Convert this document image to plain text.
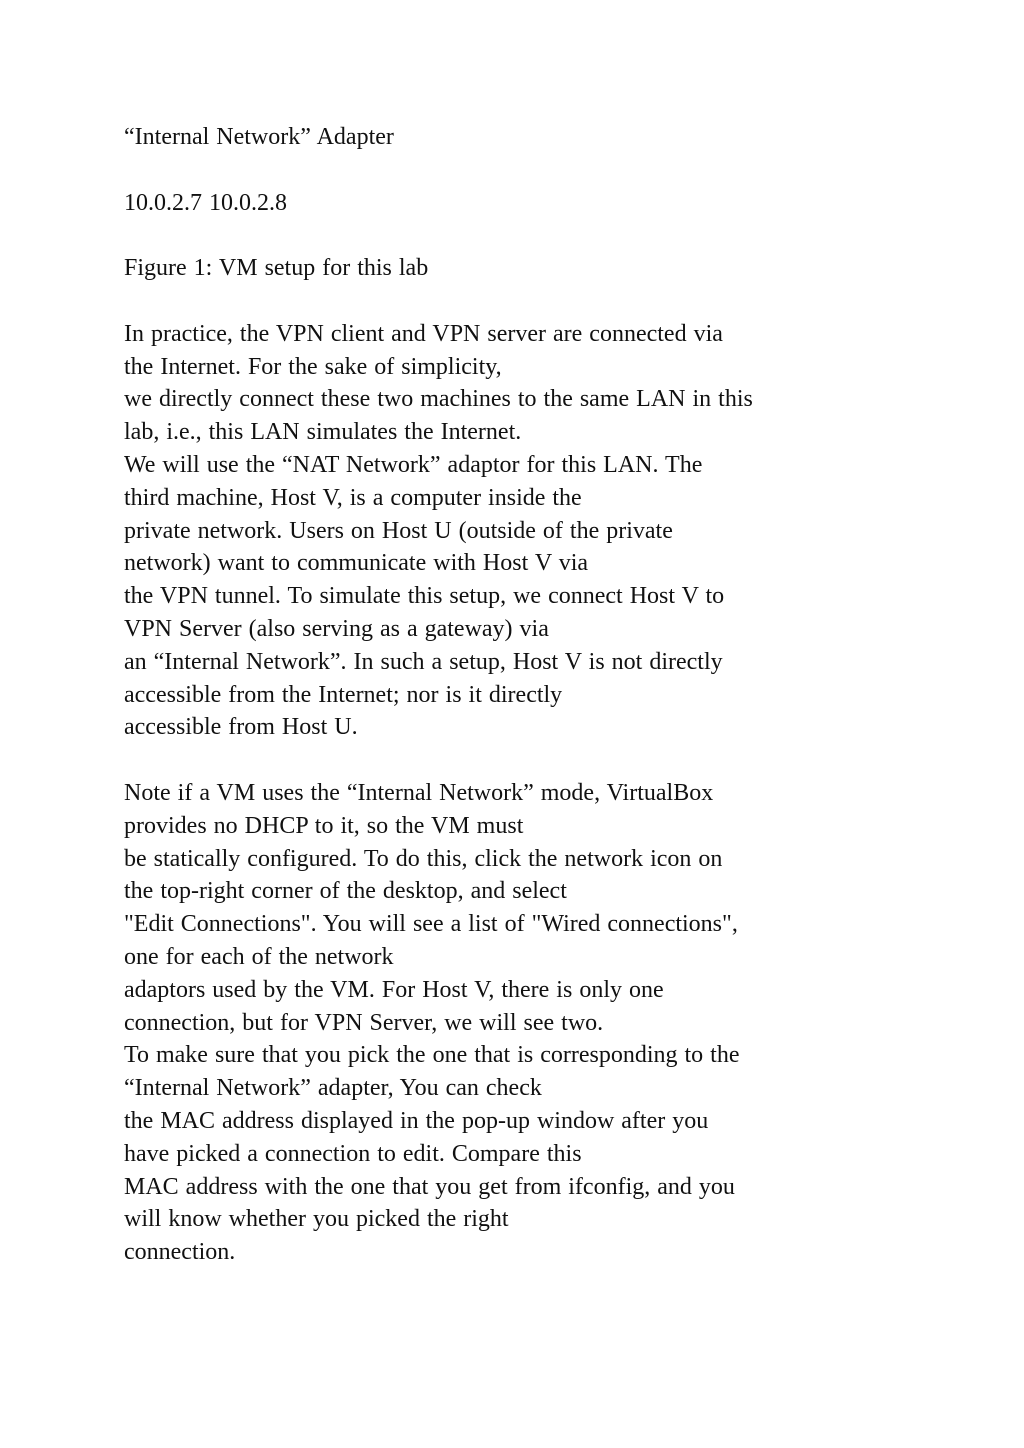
“Internal Network” Adapter
10.0.2.7 10.0.2.8
Figure 1: VM setup for this lab
In practice, the VPN client and VPN server are connected via
the Internet. For the sake of simplicity,
we directly connect these two machines to the same LAN in this
lab, i.e., this LAN simulates the Internet.
We will use the “NAT Network” adaptor for this LAN. The
third machine, Host V, is a computer inside the
private network. Users on Host U (outside of the private
network) want to communicate with Host V via
the VPN tunnel. To simulate this setup, we connect Host V to
VPN Server (also serving as a gateway) via
an “Internal Network”. In such a setup, Host V is not directly
accessible from the Internet; nor is it directly
accessible from Host U.
Note if a VM uses the “Internal Network” mode, VirtualBox
provides no DHCP to it, so the VM must
be statically configured. To do this, click the network icon on
the top-right corner of the desktop, and select
"Edit Connections". You will see a list of "Wired connections",
one for each of the network
adaptors used by the VM. For Host V, there is only one
connection, but for VPN Server, we will see two.
To make sure that you pick the one that is corresponding to the
“Internal Network” adapter, You can check
the MAC address displayed in the pop-up window after you
have picked a connection to edit. Compare this
MAC address with the one that you get from ifconfig, and you
will know whether you picked the right
connection.
